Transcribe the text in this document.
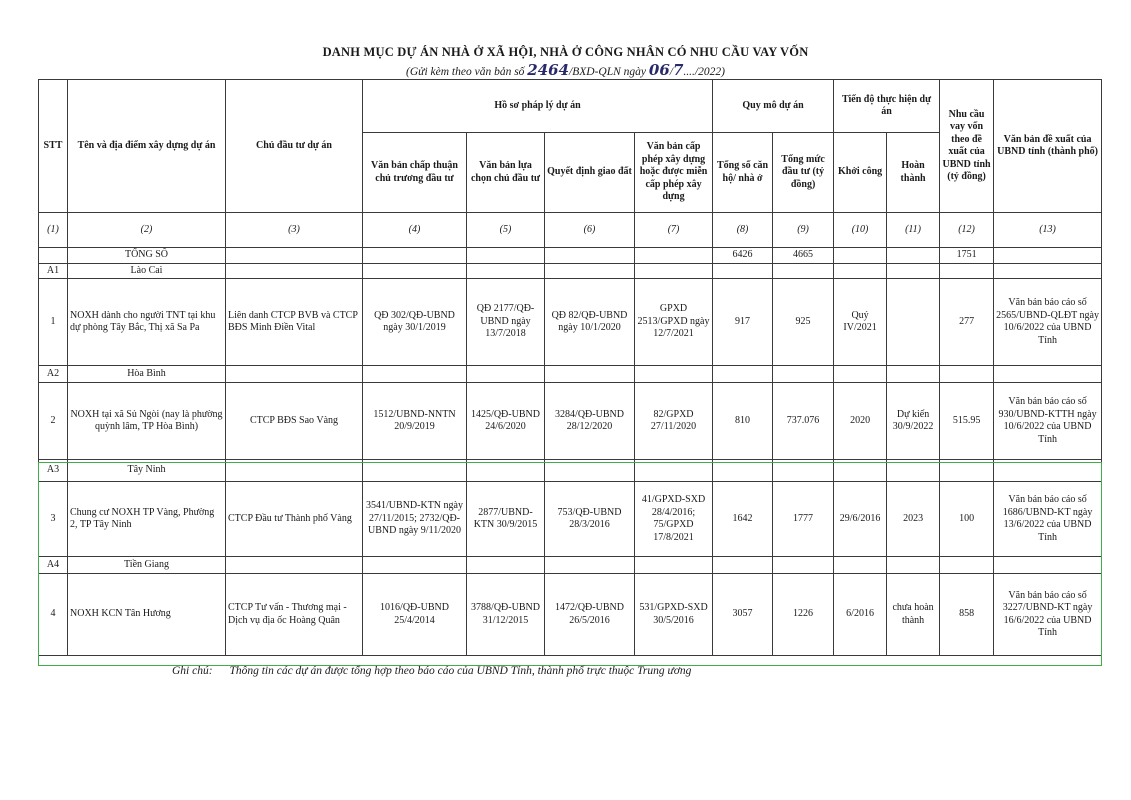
DANH MỤC DỰ ÁN NHÀ Ở XÃ HỘI, NHÀ Ở CÔNG NHÂN CÓ NHU CẦU VAY VỐN
(Gửi kèm theo văn bản số 2464/BXD-QLN ngày 06/7..../2022)
STT	Tên và địa điểm xây dựng dự án	Chủ đầu tư dự án	Hồ sơ pháp lý dự án				Quy mô dự án		Tiến độ thực hiện dự án		Nhu cầu vay vốn theo đề xuất của UBND tỉnh (tỷ đồng)	Văn bản đề xuất của UBND tỉnh (thành phố)
			Văn bản chấp thuận chủ trương đầu tư	Văn bản lựa chọn chủ đầu tư	Quyết định giao đất	Văn bản cấp phép xây dựng hoặc được miễn cấp phép xây dựng	Tổng số căn hộ/ nhà ở	Tổng mức đầu tư (tỷ đồng)	Khởi công	Hoàn thành		
(1)	(2)	(3)	(4)	(5)	(6)	(7)	(8)	(9)	(10)	(11)	(12)	(13)
	TỔNG SỐ						6426	4665			1751	
A1	Lào Cai											
1	NOXH dành cho người TNT tại khu dự phòng Tây Bắc, Thị xã Sa Pa	Liên danh CTCP BVB và CTCP BĐS Minh Điền Vital	QĐ 302/QĐ-UBND ngày 30/1/2019	QĐ 2177/QĐ-UBND ngày 13/7/2018	QĐ 82/QĐ-UBND ngày 10/1/2020	GPXD 2513/GPXD ngày 12/7/2021	917	925	Quý IV/2021		277	Văn bản báo cáo số 2565/UBND-QLĐT ngày 10/6/2022 của UBND Tỉnh
A2	Hòa Bình											
2	NOXH tại xã Sủ Ngòi (nay là phường quỳnh lâm, TP Hòa Bình)	CTCP BĐS Sao Vàng	1512/UBND-NNTN 20/9/2019	1425/QĐ-UBND 24/6/2020	3284/QĐ-UBND 28/12/2020	82/GPXD 27/11/2020	810	737.076	2020	Dự kiến 30/9/2022	515.95	Văn bản báo cáo số 930/UBND-KTTH ngày 10/6/2022 của UBND Tỉnh
A3	Tây Ninh											
3	Chung cư NOXH TP Vàng, Phường 2, TP Tây Ninh	CTCP Đầu tư Thành phố Vàng	3541/UBND-KTN ngày 27/11/2015; 2732/QĐ-UBND ngày 9/11/2020	2877/UBND-KTN 30/9/2015	753/QĐ-UBND 28/3/2016	41/GPXD-SXD 28/4/2016; 75/GPXD 17/8/2021	1642	1777	29/6/2016	2023	100	Văn bản báo cáo số 1686/UBND-KT ngày 13/6/2022 của UBND Tỉnh
A4	Tiền Giang											
4	NOXH KCN Tân Hương	CTCP Tư vấn - Thương mại - Dịch vụ địa ốc Hoàng Quân	1016/QĐ-UBND 25/4/2014	3788/QĐ-UBND 31/12/2015	1472/QĐ-UBND 26/5/2016	531/GPXD-SXD 30/5/2016	3057	1226	6/2016	chưa hoàn thành	858	Văn bản báo cáo số 3227/UBND-KT ngày 16/6/2022 của UBND Tỉnh
Ghi chú: Thông tin các dự án được tổng hợp theo báo cáo của UBND Tỉnh, thành phố trực thuộc Trung ương
